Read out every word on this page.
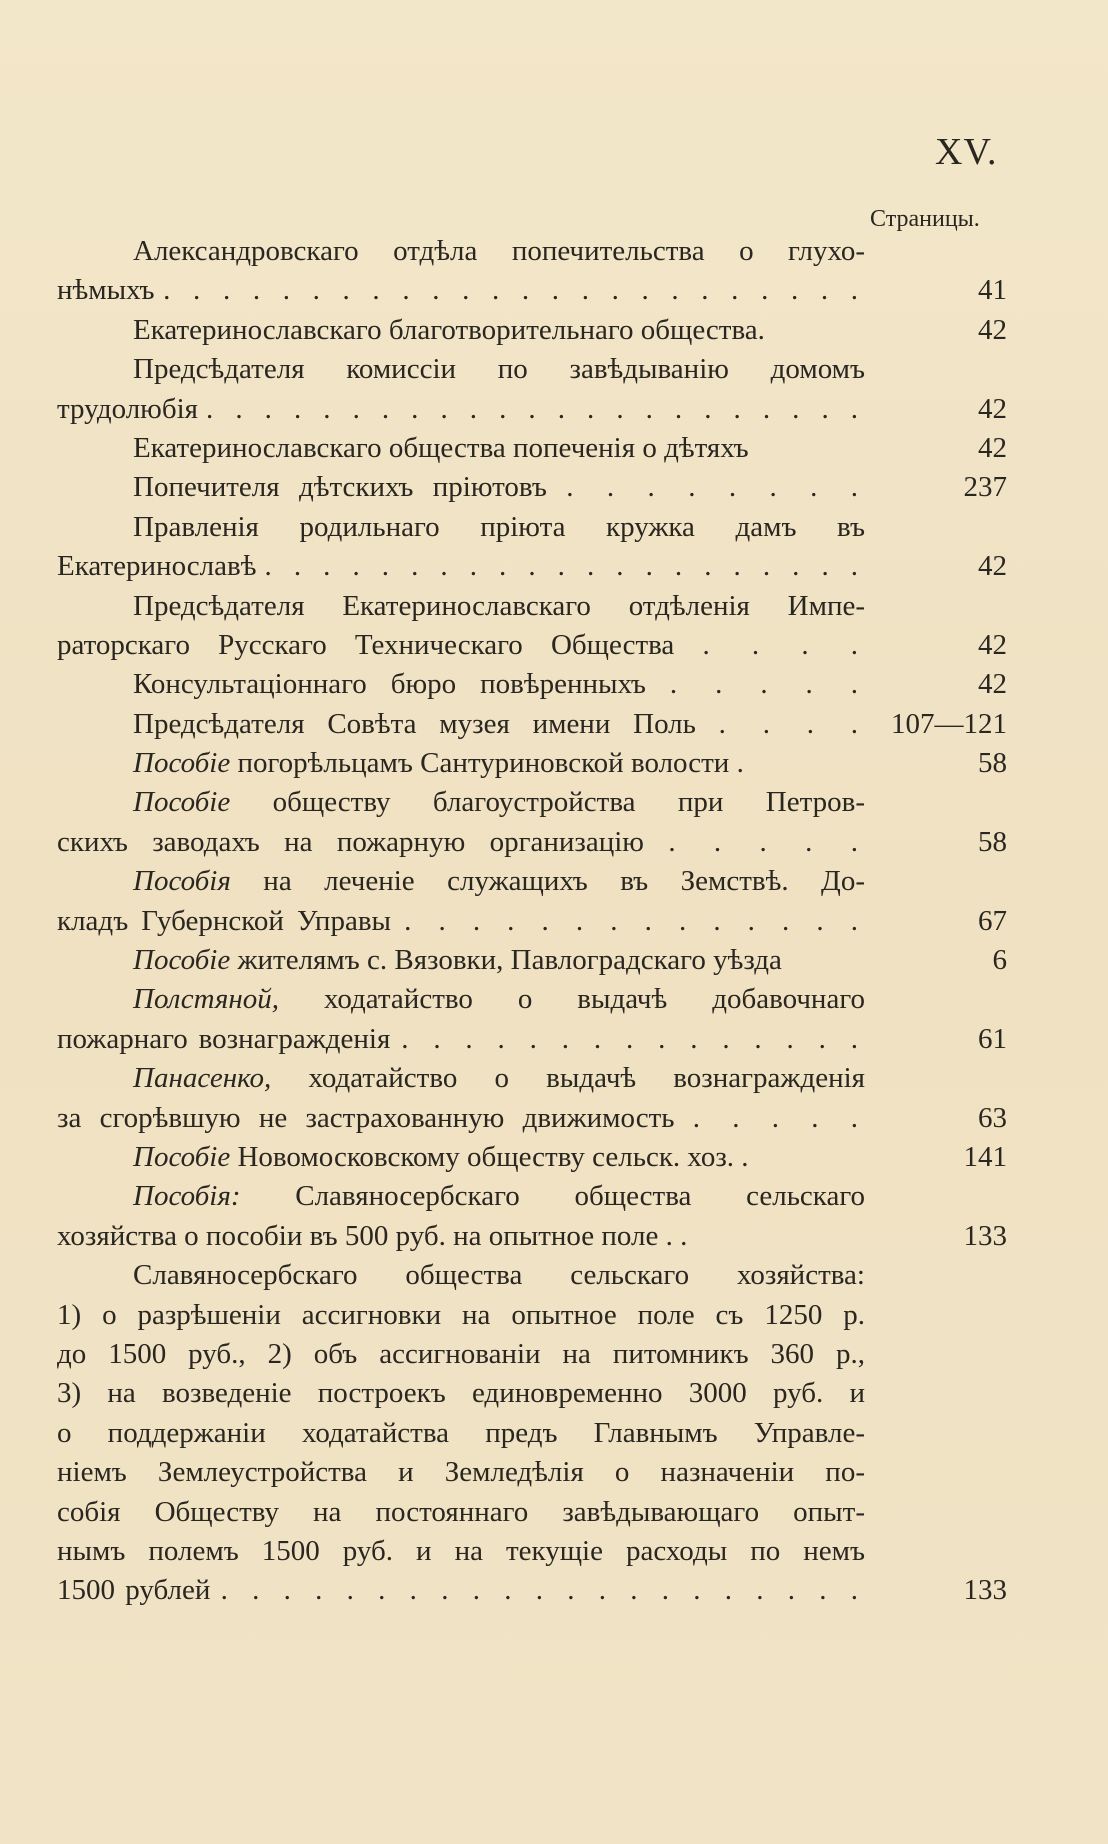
XV.
Страницы.
Александровскаго отдѣла попечительства о глухо-
нѣмыхъ . . . . . . . . . . . . . . . . . . . . . . . .	41
Екатеринославскаго благотворительнаго общества.	42
Предсѣдателя комиссіи по завѣдыванію домомъ
трудолюбія . . . . . . . . . . . . . . . . . . . . . . .	42
Екатеринославскаго общества попеченія о дѣтяхъ	42
Попечителя дѣтскихъ пріютовъ . . . . . . . .	237
Правленія родильнаго пріюта кружка дамъ въ
Екатеринославѣ . . . . . . . . . . . . . . . . . . . . .	42
Предсѣдателя Екатеринославскаго отдѣленія Импе-
раторскаго Русскаго Техническаго Общества . . . .	42
Консультаціоннаго бюро повѣренныхъ . . . . .	42
Предсѣдателя Совѣта музея имени Поль . . . . 107—121
Пособіе погорѣльцамъ Сантуриновской волости .	58
Пособіе обществу благоустройства при Петров-
скихъ заводахъ на пожарную организацію . . . . .	58
Пособія на леченіе служащихъ въ Земствѣ. До-
кладъ Губернской Управы . . . . . . . . . . . . . .	67
Пособіе жителямъ с. Вязовки, Павлоградскаго уѣзда	6
Полстяной, ходатайство о выдачѣ добавочнаго
пожарнаго вознагражденія . . . . . . . . . . . . . . .	61
Панасенко, ходатайство о выдачѣ вознагражденія
за сгорѣвшую не застрахованную движимость . . . . .	63
Пособіе Новомосковскому обществу сельск. хоз. .	141
Пособія: Славяносербскаго общества сельскаго
хозяйства о пособіи въ 500 руб. на опытное поле . .	133
Славяносербскаго общества сельскаго хозяйства:
1) о разрѣшеніи ассигновки на опытное поле съ 1250 р.
до 1500 руб., 2) объ ассигнованіи на питомникъ 360 р.,
3) на возведеніе построекъ единовременно 3000 руб. и
о поддержаніи ходатайства предъ Главнымъ Управле-
ніемъ Землеустройства и Земледѣлія о назначеніи по-
собія Обществу на постояннаго завѣдывающаго опыт-
нымъ полемъ 1500 руб. и на текущіе расходы по немъ
1500 рублей . . . . . . . . . . . . . . . . . . . . .	133
